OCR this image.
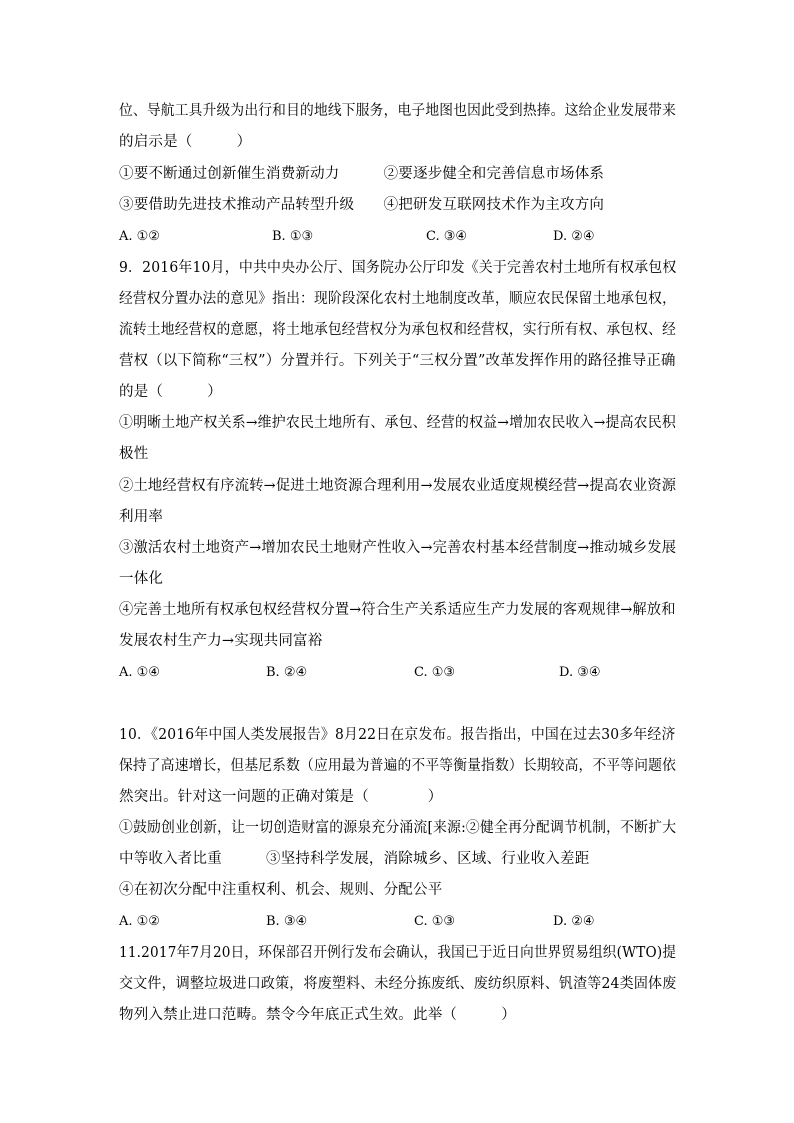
位、导航工具升级为出行和目的地线下服务，电子地图也因此受到热捧。这给企业发展带来
的启示是（　　　）
①要不断通过创新催生消费新动力　　　②要逐步健全和完善信息市场体系
③要借助先进技术推动产品转型升级　　④把研发互联网技术作为主攻方向
A. ①②	B. ①③	C. ③④	D. ②④
9．2016年10月，中共中央办公厅、国务院办公厅印发《关于完善农村土地所有权承包权
经营权分置办法的意见》指出：现阶段深化农村土地制度改革，顺应农民保留土地承包权，
流转土地经营权的意愿，将土地承包经营权分为承包权和经营权，实行所有权、承包权、经
营权（以下简称“三权”）分置并行。下列关于“三权分置”改革发挥作用的路径推导正确
的是（　　　）
①明晰土地产权关系→维护农民土地所有、承包、经营的权益→增加农民收入→提高农民积
极性
②土地经营权有序流转→促进土地资源合理利用→发展农业适度规模经营→提高农业资源
利用率
③激活农村土地资产→增加农民土地财产性收入→完善农村基本经营制度→推动城乡发展
一体化
④完善土地所有权承包权经营权分置→符合生产关系适应生产力发展的客观规律→解放和
发展农村生产力→实现共同富裕
A. ①④	B. ②④	C. ①③	D. ③④
10．《2016年中国人类发展报告》8月22日在京发布。报告指出，中国在过去30多年经济
保持了高速增长，但基尼系数（应用最为普遍的不平等衡量指数）长期较高，不平等问题依
然突出。针对这一问题的正确对策是（　　　　）
①鼓励创业创新，让一切创造财富的源泉充分涌流[来源:②健全再分配调节机制，不断扩大
中等收入者比重　　　③坚持科学发展，消除城乡、区域、行业收入差距
④在初次分配中注重权利、机会、规则、分配公平
A. ①②	B. ③④	C. ①③	D. ②④
11.2017年7月20日，环保部召开例行发布会确认，我国已于近日向世界贸易组织(WTO)提
交文件，调整垃圾进口政策，将废塑料、未经分拣废纸、废纺织原料、钒渣等24类固体废
物列入禁止进口范畴。禁令今年底正式生效。此举（　　　）
